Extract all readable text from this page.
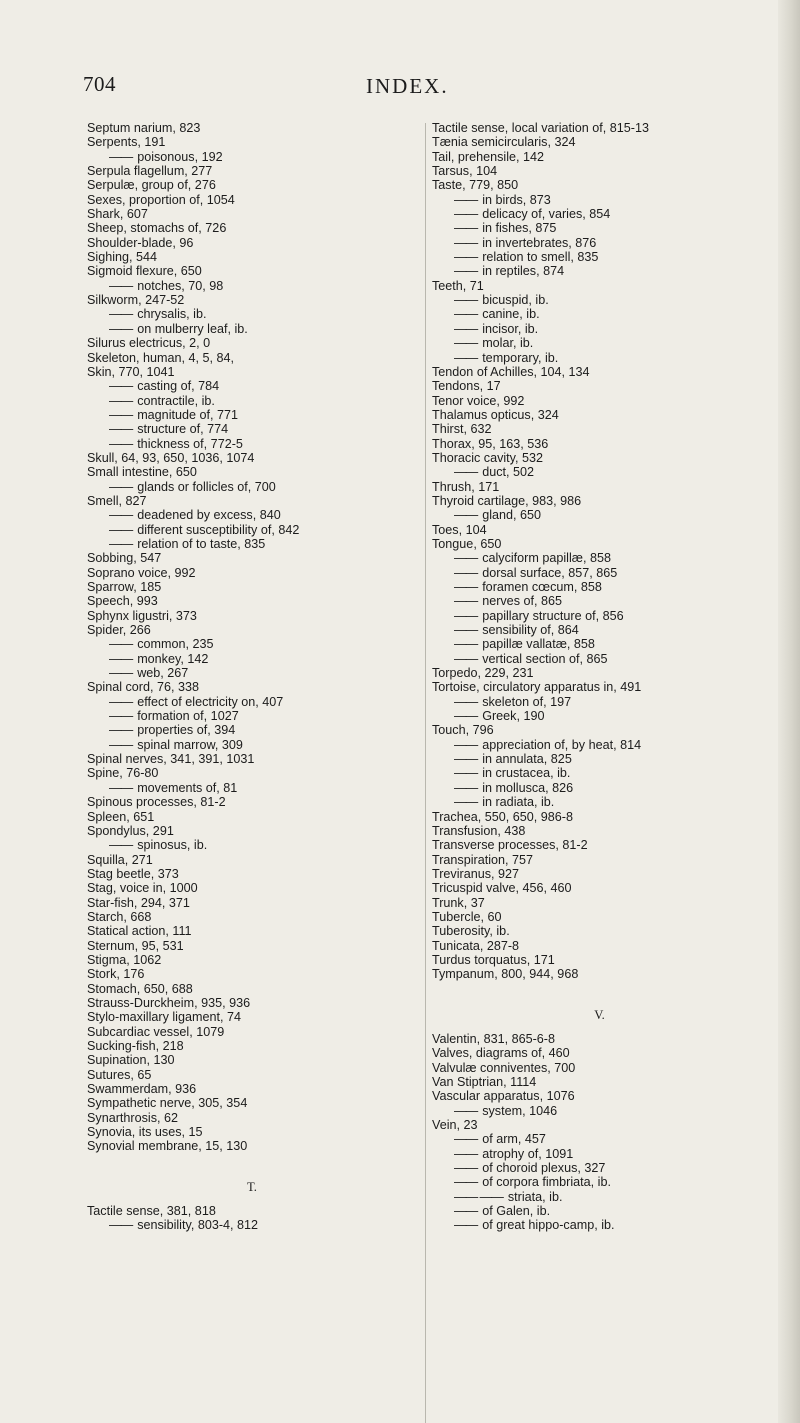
704	INDEX.
Septum narium, 823
Serpents, 191
—— poisonous, 192
Serpula flagellum, 277
Serpulæ, group of, 276
Sexes, proportion of, 1054
Shark, 607
Sheep, stomachs of, 726
Shoulder-blade, 96
Sighing, 544
Sigmoid flexure, 650
—— notches, 70, 98
Silkworm, 247-52
—— chrysalis, ib.
—— on mulberry leaf, ib.
Silurus electricus, 2, 0
Skeleton, human, 4, 5, 84,
Skin, 770, 1041
—— casting of, 784
—— contractile, ib.
—— magnitude of, 771
—— structure of, 774
—— thickness of, 772-5
Skull, 64, 93, 650, 1036, 1074
Small intestine, 650
—— glands or follicles of, 700
Smell, 827
—— deadened by excess, 840
—— different susceptibility of, 842
—— relation of to taste, 835
Sobbing, 547
Soprano voice, 992
Sparrow, 185
Speech, 993
Sphynx ligustri, 373
Spider, 266
—— common, 235
—— monkey, 142
—— web, 267
Spinal cord, 76, 338
—— effect of electricity on, 407
—— formation of, 1027
—— properties of, 394
—— spinal marrow, 309
Spinal nerves, 341, 391, 1031
Spine, 76-80
—— movements of, 81
Spinous processes, 81-2
Spleen, 651
Spondylus, 291
—— spinosus, ib.
Squilla, 271
Stag beetle, 373
Stag, voice in, 1000
Star-fish, 294, 371
Starch, 668
Statical action, 111
Sternum, 95, 531
Stigma, 1062
Stork, 176
Stomach, 650, 688
Strauss-Durckheim, 935, 936
Stylo-maxillary ligament, 74
Subcardiac vessel, 1079
Sucking-fish, 218
Supination, 130
Sutures, 65
Swammerdam, 936
Sympathetic nerve, 305, 354
Synarthrosis, 62
Synovia, its uses, 15
Synovial membrane, 15, 130
T.
Tactile sense, 381, 818
—— sensibility, 803-4, 812
Tactile sense, local variation of, 815-13
Tænia semicircularis, 324
Tail, prehensile, 142
Tarsus, 104
Taste, 779, 850
—— in birds, 873
—— delicacy of, varies, 854
—— in fishes, 875
—— in invertebrates, 876
—— relation to smell, 835
—— in reptiles, 874
Teeth, 71
—— bicuspid, ib.
—— canine, ib.
—— incisor, ib.
—— molar, ib.
—— temporary, ib.
Tendon of Achilles, 104, 134
Tendons, 17
Tenor voice, 992
Thalamus opticus, 324
Thirst, 632
Thorax, 95, 163, 536
Thoracic cavity, 532
—— duct, 502
Thrush, 171
Thyroid cartilage, 983, 986
—— gland, 650
Toes, 104
Tongue, 650
—— calyciform papillæ, 858
—— dorsal surface, 857, 865
—— foramen cœcum, 858
—— nerves of, 865
—— papillary structure of, 856
—— sensibility of, 864
—— papillæ vallatæ, 858
—— vertical section of, 865
Torpedo, 229, 231
Tortoise, circulatory apparatus in, 491
—— skeleton of, 197
—— Greek, 190
Touch, 796
—— appreciation of, by heat, 814
—— in annulata, 825
—— in crustacea, ib.
—— in mollusca, 826
—— in radiata, ib.
Trachea, 550, 650, 986-8
Transfusion, 438
Transverse processes, 81-2
Transpiration, 757
Treviranus, 927
Tricuspid valve, 456, 460
Trunk, 37
Tubercle, 60
Tuberosity, ib.
Tunicata, 287-8
Turdus torquatus, 171
Tympanum, 800, 944, 968
V.
Valentin, 831, 865-6-8
Valves, diagrams of, 460
Valvulæ conniventes, 700
Van Stiptrian, 1114
Vascular apparatus, 1076
—— system, 1046
Vein, 23
—— of arm, 457
—— atrophy of, 1091
—— of choroid plexus, 327
—— of corpora fimbriata, ib.
—— —— striata, ib.
—— of Galen, ib.
—— of great hippo-camp, ib.
